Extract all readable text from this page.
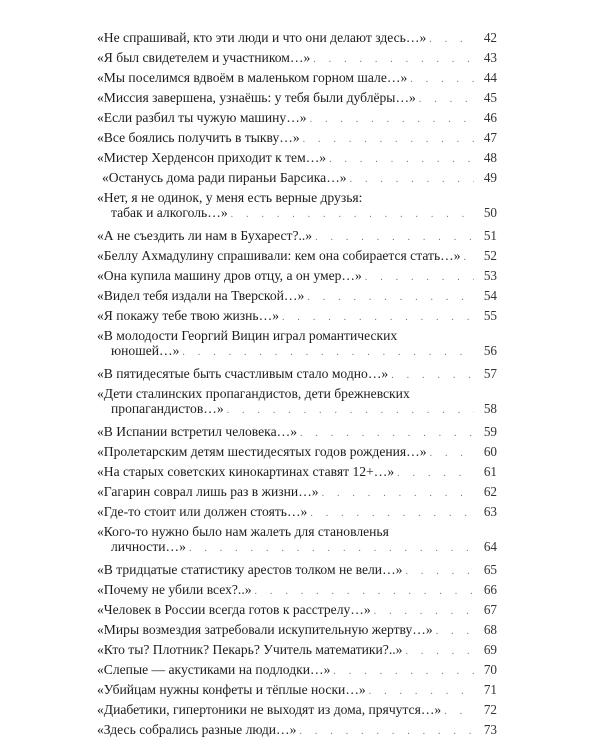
«Не спрашивай, кто эти люди и что они делают здесь…» . . .	42
«Я был свидетелем и участником…» . . .	43
«Мы поселимся вдвоём в маленьком горном шале…» . . .	44
«Миссия завершена, узнаёшь: у тебя были дублёры…» . . .	45
«Если разбил ты чужую машину…» . . .	46
«Все боялись получить в тыкву…» . . .	47
«Мистер Херденсон приходит к тем…» . . .	48
«Останусь дома ради пираньи Барсика…» . . .	49
«Нет, я не одинок, у меня есть верные друзья:
табак и алкоголь…» . . .	50
«А не съездить ли нам в Бухарест?..» . . .	51
«Беллу Ахмадулину спрашивали: кем она собирается стать…» . . .	52
«Она купила машину дров отцу, а он умер…» . . .	53
«Видел тебя издали на Тверской…» . . .	54
«Я покажу тебе твою жизнь…» . . .	55
«В молодости Георгий Вицин играл романтических
юношей…» . . .	56
«В пятидесятые быть счастливым стало модно…» . . .	57
«Дети сталинских пропагандистов, дети брежневских
пропагандистов…» . . .	58
«В Испании встретил человека…» . . .	59
«Пролетарским детям шестидесятых годов рождения…» . . .	60
«На старых советских кинокартинах ставят 12+…» . . .	61
«Гагарин соврал лишь раз в жизни…» . . .	62
«Где-то стоит или должен стоять…» . . .	63
«Кого-то нужно было нам жалеть для становленья
личности…» . . .	64
«В тридцатые статистику арестов толком не вели…» . . .	65
«Почему не убили всех?..» . . .	66
«Человек в России всегда готов к расстрелу…» . . .	67
«Миры возмездия затребовали искупительную жертву…» . . .	68
«Кто ты? Плотник? Пекарь? Учитель математики?..» . . .	69
«Слепые — акустиками на подлодки…» . . .	70
«Убийцам нужны конфеты и тёплые носки…» . . .	71
«Диабетики, гипертоники не выходят из дома, прячутся…» . . .	72
«Здесь собрались разные люди…» . . .	73
